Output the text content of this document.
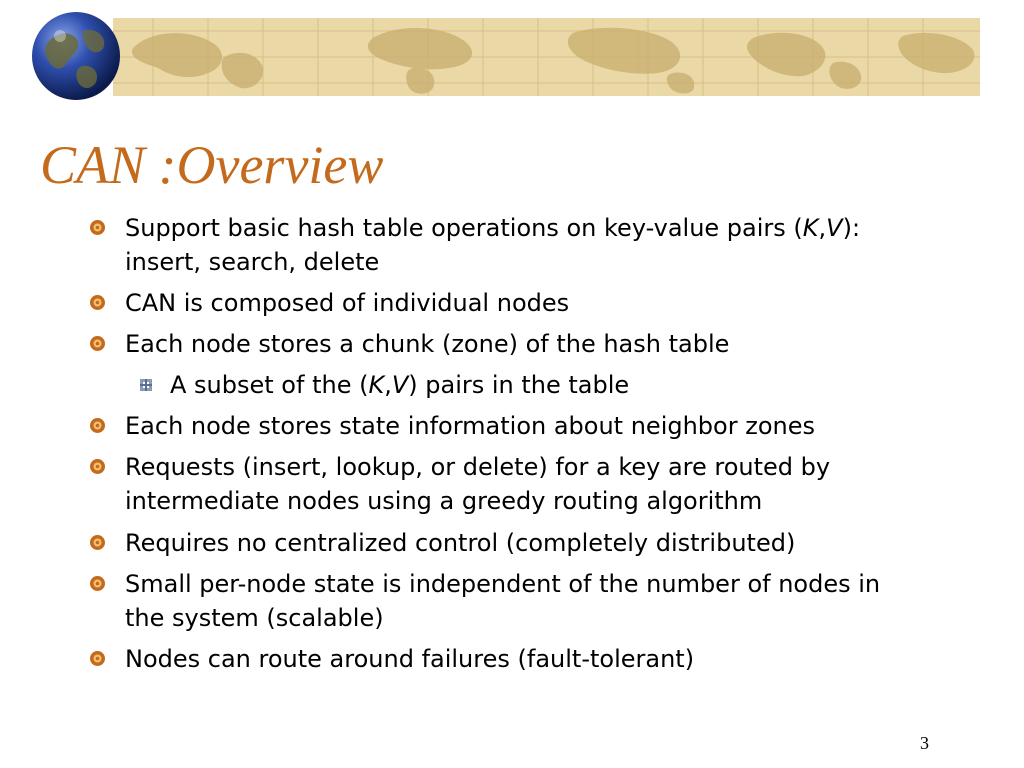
CAN :Overview
Support basic hash table operations on key-value pairs (K,V): insert, search, delete
CAN is composed of individual nodes
Each node stores a chunk (zone) of the hash table
A subset of the (K,V) pairs in the table
Each node stores state information about neighbor zones
Requests (insert, lookup, or delete) for a key are routed by intermediate nodes using a greedy routing algorithm
Requires no centralized control (completely distributed)
Small per-node state is independent of the number of nodes in the system (scalable)
Nodes can route around failures (fault-tolerant)
3
